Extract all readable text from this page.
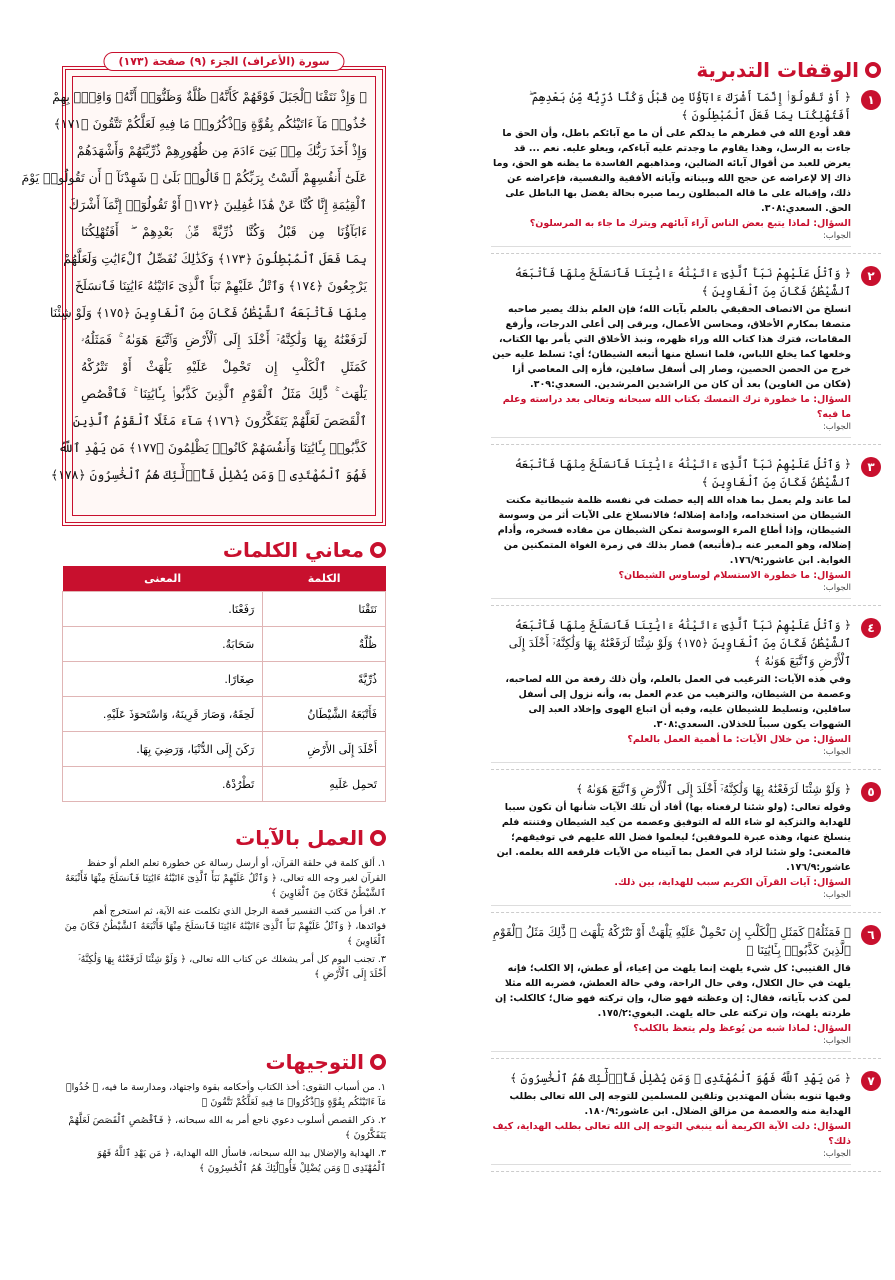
الوقفات التدبرية
١
﴿ أَوْ تَقُولُوٓا۟ إِنَّمَآ أَشْرَكَ ءَابَآؤُنَا مِن قَبْلُ وَكُنَّا ذُرِّيَّةً مِّنۢ بَعْدِهِمْ ۖ أَفَتُهْلِكُنَا بِمَا فَعَلَ ٱلْمُبْطِلُونَ ﴾
فقد أودع الله في فطرهم ما يدلكم على أن ما مع آبائكم باطل، وأن الحق ما جاءت به الرسل، وهذا يقاوم ما وجدتم عليه آباءكم، ويعلو عليه. نعم ... قد يعرض للعبد من أقوال آبائه الضالين، ومذاهبهم الفاسدة ما يظنه هو الحق، وما ذاك إلا لإعراضه عن حجج الله وبيناته وآياته الأفقية والنفسية، فإعراضه عن ذلك، وإقباله على ما قاله المبطلون ربما صيره بحالة يفضل بها الباطل على الحق. السعدي:٣٠٨.
السؤال: لماذا يتبع بعض الناس آراء آبائهم ويترك ما جاء به المرسلون؟
الجواب:
٢
﴿ وَٱتْلُ عَلَيْهِمْ نَبَأَ ٱلَّذِىٓ ءَاتَيْنَٰهُ ءَايَٰتِنَا فَٱنسَلَخَ مِنْهَا فَأَتْبَعَهُ ٱلشَّيْطَٰنُ فَكَانَ مِنَ ٱلْغَاوِينَ ﴾
انسلخ من الاتصاف الحقيقي بالعلم بآيات الله؛ فإن العلم بذلك يصير صاحبه متصفا بمكارم الأخلاق، ومحاسن الأعمال، ويرقى إلى أعلى الدرجات، وأرفع المقامات، فترك هذا كتاب الله وراء ظهره، ونبذ الأخلاق التي يأمر بها الكتاب، وخلعها كما يخلع اللباس، فلما انسلخ منها أتبعه الشيطان؛ أي: تسلط عليه حين خرج من الحصن الحصين، وصار إلى أسفل سافلين، فأزه إلى المعاصي أزا (فكان من الغاوين) بعد أن كان من الراشدين المرشدين. السعدي:٣٠٩.
السؤال: ما خطورة ترك التمسك بكتاب الله سبحانه وتعالى بعد دراسته وعلم ما فيه؟
الجواب:
٣
﴿ وَٱتْلُ عَلَيْهِمْ نَبَأَ ٱلَّذِىٓ ءَاتَيْنَٰهُ ءَايَٰتِنَا فَٱنسَلَخَ مِنْهَا فَأَتْبَعَهُ ٱلشَّيْطَٰنُ فَكَانَ مِنَ ٱلْغَاوِينَ ﴾
لما عاند ولم يعمل بما هداه الله إليه حصلت في نفسه ظلمة شيطانية مكنت الشيطان من استخدامه، وإدامة إضلاله؛ فالانسلاخ على الآيات أثر من وسوسة الشيطان، وإذا أطاع المرء الوسوسة تمكن الشيطان من مقاده فسخره، وأدام إضلاله، وهو المعبر عنه بـ(فأتبعه) فصار بذلك في زمرة الغواة المتمكنين من الغواية. ابن عاشور:١٧٦/٩.
السؤال: ما خطورة الاستسلام لوساوس الشيطان؟
الجواب:
٤
﴿ وَٱتْلُ عَلَيْهِمْ نَبَأَ ٱلَّذِىٓ ءَاتَيْنَٰهُ ءَايَٰتِنَا فَٱنسَلَخَ مِنْهَا فَأَتْبَعَهُ ٱلشَّيْطَٰنُ فَكَانَ مِنَ ٱلْغَاوِينَ ﴿١٧٥﴾ وَلَوْ شِئْنَا لَرَفَعْنَٰهُ بِهَا وَلَٰكِنَّهُۥٓ أَخْلَدَ إِلَى ٱلْأَرْضِ وَٱتَّبَعَ هَوَىٰهُ ﴾
وفي هذه الآيات: الترغيب في العمل بالعلم، وأن ذلك رفعة من الله لصاحبه، وعصمة من الشيطان، والترهيب من عدم العمل به، وأنه نزول إلى أسفل سافلين، وتسليط للشيطان عليه، وفيه أن اتباع الهوى وإخلاد العبد إلى الشهوات يكون سبباً للخذلان. السعدي:٣٠٨.
السؤال: من خلال الآيات: ما أهمية العمل بالعلم؟
الجواب:
٥
﴿ وَلَوْ شِئْنَا لَرَفَعْنَٰهُ بِهَا وَلَٰكِنَّهُۥٓ أَخْلَدَ إِلَى ٱلْأَرْضِ وَٱتَّبَعَ هَوَىٰهُ ﴾
وقوله تعالى: (ولو شئنا لرفعناه بها) أفاد أن تلك الآيات شأنها أن تكون سببا للهداية والتزكية لو شاء الله له التوفيق وعصمه من كيد الشيطان وفتنته فلم ينسلخ عنها، وهذه عبرة للموفقين؛ ليعلموا فضل الله عليهم في توفيقهم؛ فالمعنى: ولو شئنا لزاد في العمل بما آتيناه من الآيات فلرفعه الله بعلمه. ابن عاشور:١٧٦/٩.
السؤال: آيات القرآن الكريم سبب للهداية، بين ذلك.
الجواب:
٦
﴿ فَمَثَلُهُۥ كَمَثَلِ ٱلْكَلْبِ إِن تَحْمِلْ عَلَيْهِ يَلْهَثْ أَوْ تَتْرُكْهُ يَلْهَث ۚ ذَّٰلِكَ مَثَلُ ٱلْقَوْمِ ٱلَّذِينَ كَذَّبُوا۟ بِـَٔايَٰتِنَا ﴾
قال القتيبي: كل شيء يلهث إنما يلهث من إعياء، أو عطش، إلا الكلب؛ فإنه يلهث في حال الكلال، وفي حال الراحة، وفي حالة العطش، فضربه الله مثلا لمن كذب بآياته، فقال: إن وعظته فهو ضال، وإن تركته فهو ضال؛ كالكلب: إن طردته يلهث، وإن تركته على حاله يلهث. البغوي:١٧٥/٢.
السؤال: لماذا شبه من يُوعظ ولم يتعظ بالكلب؟
الجواب:
٧
﴿ مَن يَهْدِ ٱللَّهُ فَهُوَ ٱلْمُهْتَدِى ۖ وَمَن يُضْلِلْ فَأُو۟لَٰٓئِكَ هُمُ ٱلْخَٰسِرُونَ ﴾
وفيها تنويه بشأن المهتدين وتلقين للمسلمين للتوجه إلى الله تعالى بطلب الهداية منه والعصمة من مزالق الضلال. ابن عاشور:١٨٠/٩.
السؤال: دلت الآية الكريمة أنه ينبغي التوجه إلى الله تعالى بطلب الهداية، كيف ذلك؟
الجواب:
سورة (الأعراف) الجزء (٩) صفحة (١٧٣)
۞ وَإِذْ نَتَقْنَا ٱلْجَبَلَ فَوْقَهُمْ كَأَنَّهُۥ ظُلَّةٌ وَظَنُّوٓا۟ أَنَّهُۥ وَاقِعٌۢ بِهِمْ
خُذُوا۟ مَآ ءَاتَيْنَٰكُم بِقُوَّةٍ وَٱذْكُرُوا۟ مَا فِيهِ لَعَلَّكُمْ تَتَّقُونَ ﴿١٧١﴾
وَإِذْ أَخَذَ رَبُّكَ مِنۢ بَنِىٓ ءَادَمَ مِن ظُهُورِهِمْ ذُرِّيَّتَهُمْ وَأَشْهَدَهُمْ
عَلَىٰٓ أَنفُسِهِمْ أَلَسْتُ بِرَبِّكُمْ ۖ قَالُوا۟ بَلَىٰ ۛ شَهِدْنَآ ۛ أَن تَقُولُوا۟ يَوْمَ
ٱلْقِيَٰمَةِ إِنَّا كُنَّا عَنْ هَٰذَا غَٰفِلِينَ ﴿١٧٢﴾ أَوْ تَقُولُوٓا۟ إِنَّمَآ أَشْرَكَ
ءَابَآؤُنَا مِن قَبْلُ وَكُنَّا ذُرِّيَّةً مِّنۢ بَعْدِهِمْ ۖ أَفَتُهْلِكُنَا
بِمَا فَعَلَ ٱلْمُبْطِلُونَ ﴿١٧٣﴾ وَكَذَٰلِكَ نُفَصِّلُ ٱلْءَايَٰتِ وَلَعَلَّهُمْ
يَرْجِعُونَ ﴿١٧٤﴾ وَٱتْلُ عَلَيْهِمْ نَبَأَ ٱلَّذِىٓ ءَاتَيْنَٰهُ ءَايَٰتِنَا فَٱنسَلَخَ
مِنْهَا فَأَتْبَعَهُ ٱلشَّيْطَٰنُ فَكَانَ مِنَ ٱلْغَاوِينَ ﴿١٧٥﴾ وَلَوْ شِئْنَا
لَرَفَعْنَٰهُ بِهَا وَلَٰكِنَّهُۥٓ أَخْلَدَ إِلَى ٱلْأَرْضِ وَٱتَّبَعَ هَوَىٰهُ ۚ فَمَثَلُهُۥ
كَمَثَلِ ٱلْكَلْبِ إِن تَحْمِلْ عَلَيْهِ يَلْهَثْ أَوْ تَتْرُكْهُ
يَلْهَث ۚ ذَّٰلِكَ مَثَلُ ٱلْقَوْمِ ٱلَّذِينَ كَذَّبُوا۟ بِـَٔايَٰتِنَا ۚ فَٱقْصُصِ
ٱلْقَصَصَ لَعَلَّهُمْ يَتَفَكَّرُونَ ﴿١٧٦﴾ سَآءَ مَثَلًا ٱلْقَوْمُ ٱلَّذِينَ
كَذَّبُوا۟ بِـَٔايَٰتِنَا وَأَنفُسَهُمْ كَانُوا۟ يَظْلِمُونَ ﴿١٧٧﴾ مَن يَهْدِ ٱللَّهُ
فَهُوَ ٱلْمُهْتَدِى ۖ وَمَن يُضْلِلْ فَأُو۟لَٰٓئِكَ هُمُ ٱلْخَٰسِرُونَ ﴿١٧٨﴾
معاني الكلمات
الكلمة	المعنى
نَتَقْنَا	رَفَعْنَا.
ظُلَّةٌ	سَحَابَةٌ.
ذُرِّيَّةً	صِغَارًا.
فَأَتْبَعَهُ الشَّيْطَانُ	لَحِقَهُ، وَصَارَ قَرِينَهُ، وَاسْتَحوَذَ عَلَيْهِ.
أَخْلَدَ إِلَى الأَرْضِ	رَكَنَ إِلَى الدُّنْيَا، وَرَضِيَ بِهَا.
تَحمِل عَلَيهِ	تَطْرُدْهُ.
العمل بالآيات

١. ألق كلمة في حلقة القرآن، أو أرسل رسالة عن خطورة تعلم العلم أو حفظ القرآن لغير وجه الله تعالى، ﴿ وَٱتْلُ عَلَيْهِمْ نَبَأَ ٱلَّذِىٓ ءَاتَيْنَٰهُ ءَايَٰتِنَا فَٱنسَلَخَ مِنْهَا فَأَتْبَعَهُ ٱلشَّيْطَٰنُ فَكَانَ مِنَ ٱلْغَاوِينَ ﴾

٢. اقرأ من كتب التفسير قصة الرجل الذي تكلمت عنه الآية، ثم استخرج أهم فوائدها، ﴿ وَٱتْلُ عَلَيْهِمْ نَبَأَ ٱلَّذِىٓ ءَاتَيْنَٰهُ ءَايَٰتِنَا فَٱنسَلَخَ مِنْهَا فَأَتْبَعَهُ ٱلشَّيْطَٰنُ فَكَانَ مِنَ ٱلْغَاوِينَ ﴾

٣. تجنب اليوم كل أمر يشغلك عن كتاب الله تعالى، ﴿ وَلَوْ شِئْنَا لَرَفَعْنَٰهُ بِهَا وَلَٰكِنَّهُۥٓ أَخْلَدَ إِلَى ٱلْأَرْضِ ﴾

التوجيهات

١. من أسباب التقوى: أخذ الكتاب وأحكامه بقوة واجتهاد، ومدارسة ما فيه، ﴿ خُذُوا۟ مَآ ءَاتَيْنَٰكُم بِقُوَّةٍ وَٱذْكُرُوا۟ مَا فِيهِ لَعَلَّكُمْ تَتَّقُونَ ﴾

٢. ذكر القصص أسلوب دعوي ناجع أمر به الله سبحانه، ﴿ فَٱقْصُصِ ٱلْقَصَصَ لَعَلَّهُمْ يَتَفَكَّرُونَ ﴾

٣. الهداية والإضلال بيد الله سبحانه، فاسأل الله الهداية، ﴿ مَن يَهْدِ ٱللَّهُ فَهُوَ ٱلْمُهْتَدِى ۖ وَمَن يُضْلِلْ فَأُو۟لَٰٓئِكَ هُمُ ٱلْخَٰسِرُونَ ﴾
